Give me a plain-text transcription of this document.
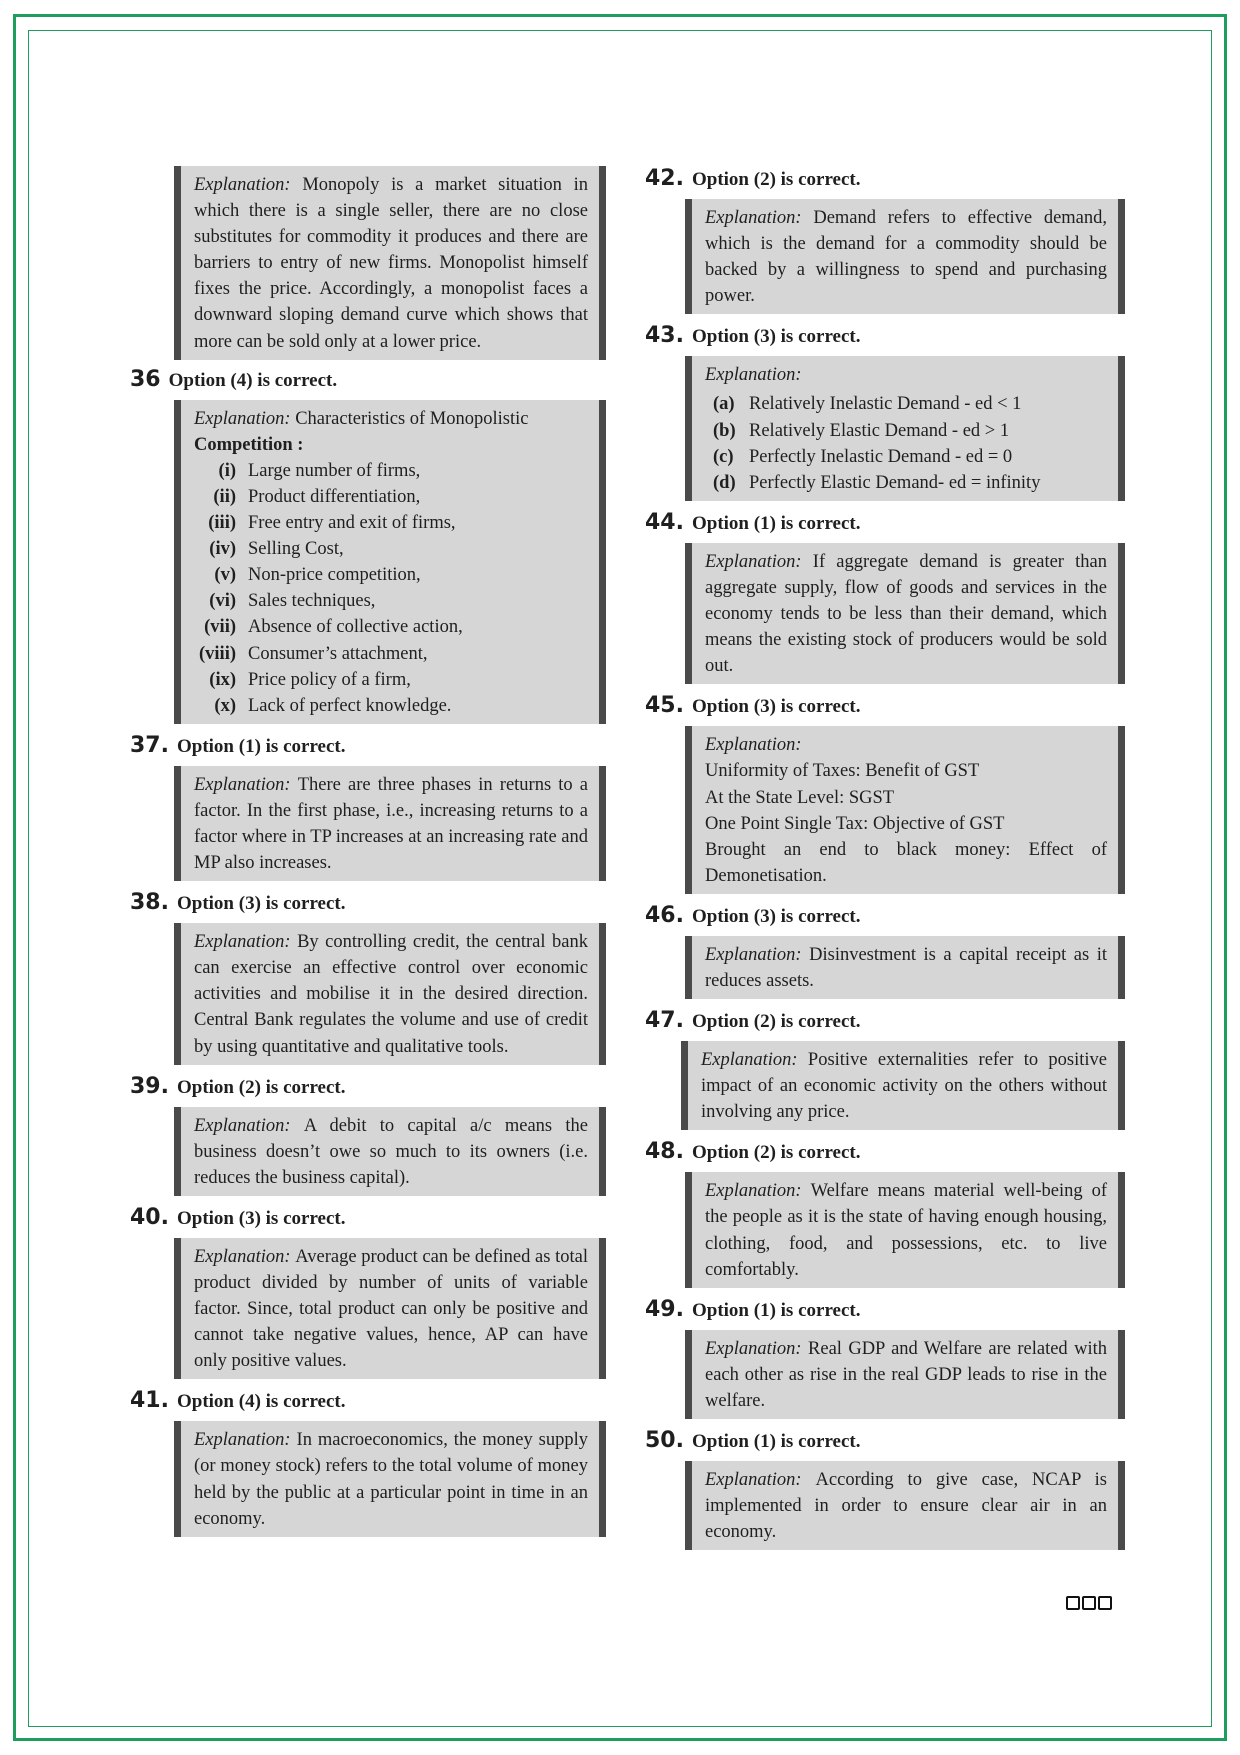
Explanation: Monopoly is a market situation in which there is a single seller, there are no close substitutes for commodity it produces and there are barriers to entry of new firms. Monopolist himself fixes the price. Accordingly, a monopolist faces a downward sloping demand curve which shows that more can be sold only at a lower price.
36 Option (4) is correct.
Explanation: Characteristics of Monopolistic
Competition :
(i) Large number of firms,
(ii) Product differentiation,
(iii) Free entry and exit of firms,
(iv) Selling Cost,
(v) Non-price competition,
(vi) Sales techniques,
(vii) Absence of collective action,
(viii) Consumer’s attachment,
(ix) Price policy of a firm,
(x) Lack of perfect knowledge.
37. Option (1) is correct.
Explanation: There are three phases in returns to a factor. In the first phase, i.e., increasing returns to a factor where in TP increases at an increasing rate and MP also increases.
38. Option (3) is correct.
Explanation: By controlling credit, the central bank can exercise an effective control over economic activities and mobilise it in the desired direction. Central Bank regulates the volume and use of credit by using quantitative and qualitative tools.
39. Option (2) is correct.
Explanation: A debit to capital a/c means the business doesn’t owe so much to its owners (i.e. reduces the business capital).
40. Option (3) is correct.
Explanation: Average product can be defined as total product divided by number of units of variable factor. Since, total product can only be positive and cannot take negative values, hence, AP can have only positive values.
41. Option (4) is correct.
Explanation: In macroeconomics, the money supply (or money stock) refers to the total volume of money held by the public at a particular point in time in an economy.
42. Option (2) is correct.
Explanation: Demand refers to effective demand, which is the demand for a commodity should be backed by a willingness to spend and purchasing power.
43. Option (3) is correct.
Explanation:
(a) Relatively Inelastic Demand - ed < 1
(b) Relatively Elastic Demand - ed > 1
(c) Perfectly Inelastic Demand - ed = 0
(d) Perfectly Elastic Demand- ed = infinity
44. Option (1) is correct.
Explanation: If aggregate demand is greater than aggregate supply, flow of goods and services in the economy tends to be less than their demand, which means the existing stock of producers would be sold out.
45. Option (3) is correct.
Explanation:
Uniformity of Taxes: Benefit of GST
At the State Level: SGST
One Point Single Tax: Objective of GST
Brought an end to black money: Effect of Demonetisation.
46. Option (3) is correct.
Explanation: Disinvestment is a capital receipt as it reduces assets.
47. Option (2) is correct.
Explanation: Positive externalities refer to positive impact of an economic activity on the others without involving any price.
48. Option (2) is correct.
Explanation: Welfare means material well-being of the people as it is the state of having enough housing, clothing, food, and possessions, etc. to live comfortably.
49. Option (1) is correct.
Explanation: Real GDP and Welfare are related with each other as rise in the real GDP leads to rise in the welfare.
50. Option (1) is correct.
Explanation: According to give case, NCAP is implemented in order to ensure clear air in an economy.
